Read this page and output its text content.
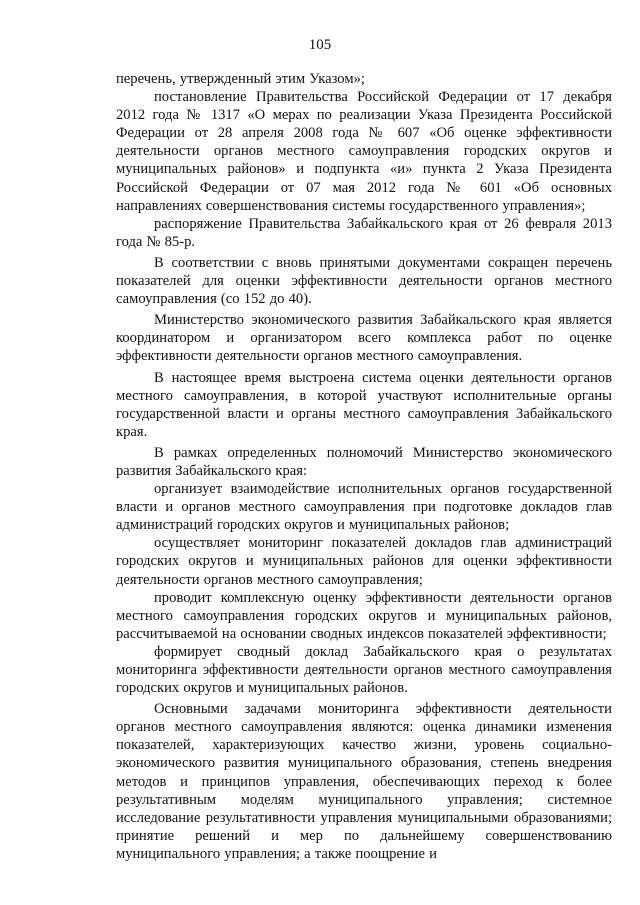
105

перечень, утвержденный этим Указом»;

постановление Правительства Российской Федерации от 17 декабря 2012 года № 1317 «О мерах по реализации Указа Президента Российской Федерации от 28 апреля 2008 года № 607 «Об оценке эффективности деятельности органов местного самоуправления городских округов и муниципальных районов» и подпункта «и» пункта 2 Указа Президента Российской Федерации от 07 мая 2012 года № 601 «Об основных направлениях совершенствования системы государственного управления»;

распоряжение Правительства Забайкальского края от 26 февраля 2013 года № 85-р.

В соответствии с вновь принятыми документами сокращен перечень показателей для оценки эффективности деятельности органов местного самоуправления (со 152 до 40).

Министерство экономического развития Забайкальского края является координатором и организатором всего комплекса работ по оценке эффективности деятельности органов местного самоуправления.

В настоящее время выстроена система оценки деятельности органов местного самоуправления, в которой участвуют исполнительные органы государственной власти и органы местного самоуправления Забайкальского края.

В рамках определенных полномочий Министерство экономического развития Забайкальского края:

организует взаимодействие исполнительных органов государственной власти и органов местного самоуправления при подготовке докладов глав администраций городских округов и муниципальных районов;

осуществляет мониторинг показателей докладов глав администраций городских округов и муниципальных районов для оценки эффективности деятельности органов местного самоуправления;

проводит комплексную оценку эффективности деятельности органов местного самоуправления городских округов и муниципальных районов, рассчитываемой на основании сводных индексов показателей эффективности;

формирует сводный доклад Забайкальского края о результатах мониторинга эффективности деятельности органов местного самоуправления городских округов и муниципальных районов.

Основными задачами мониторинга эффективности деятельности органов местного самоуправления являются: оценка динамики изменения показателей, характеризующих качество жизни, уровень социально-экономического развития муниципального образования, степень внедрения методов и принципов управления, обеспечивающих переход к более результативным моделям муниципального управления; системное исследование результативности управления муниципальными образованиями; принятие решений и мер по дальнейшему совершенствованию муниципального управления; а также поощрение и
